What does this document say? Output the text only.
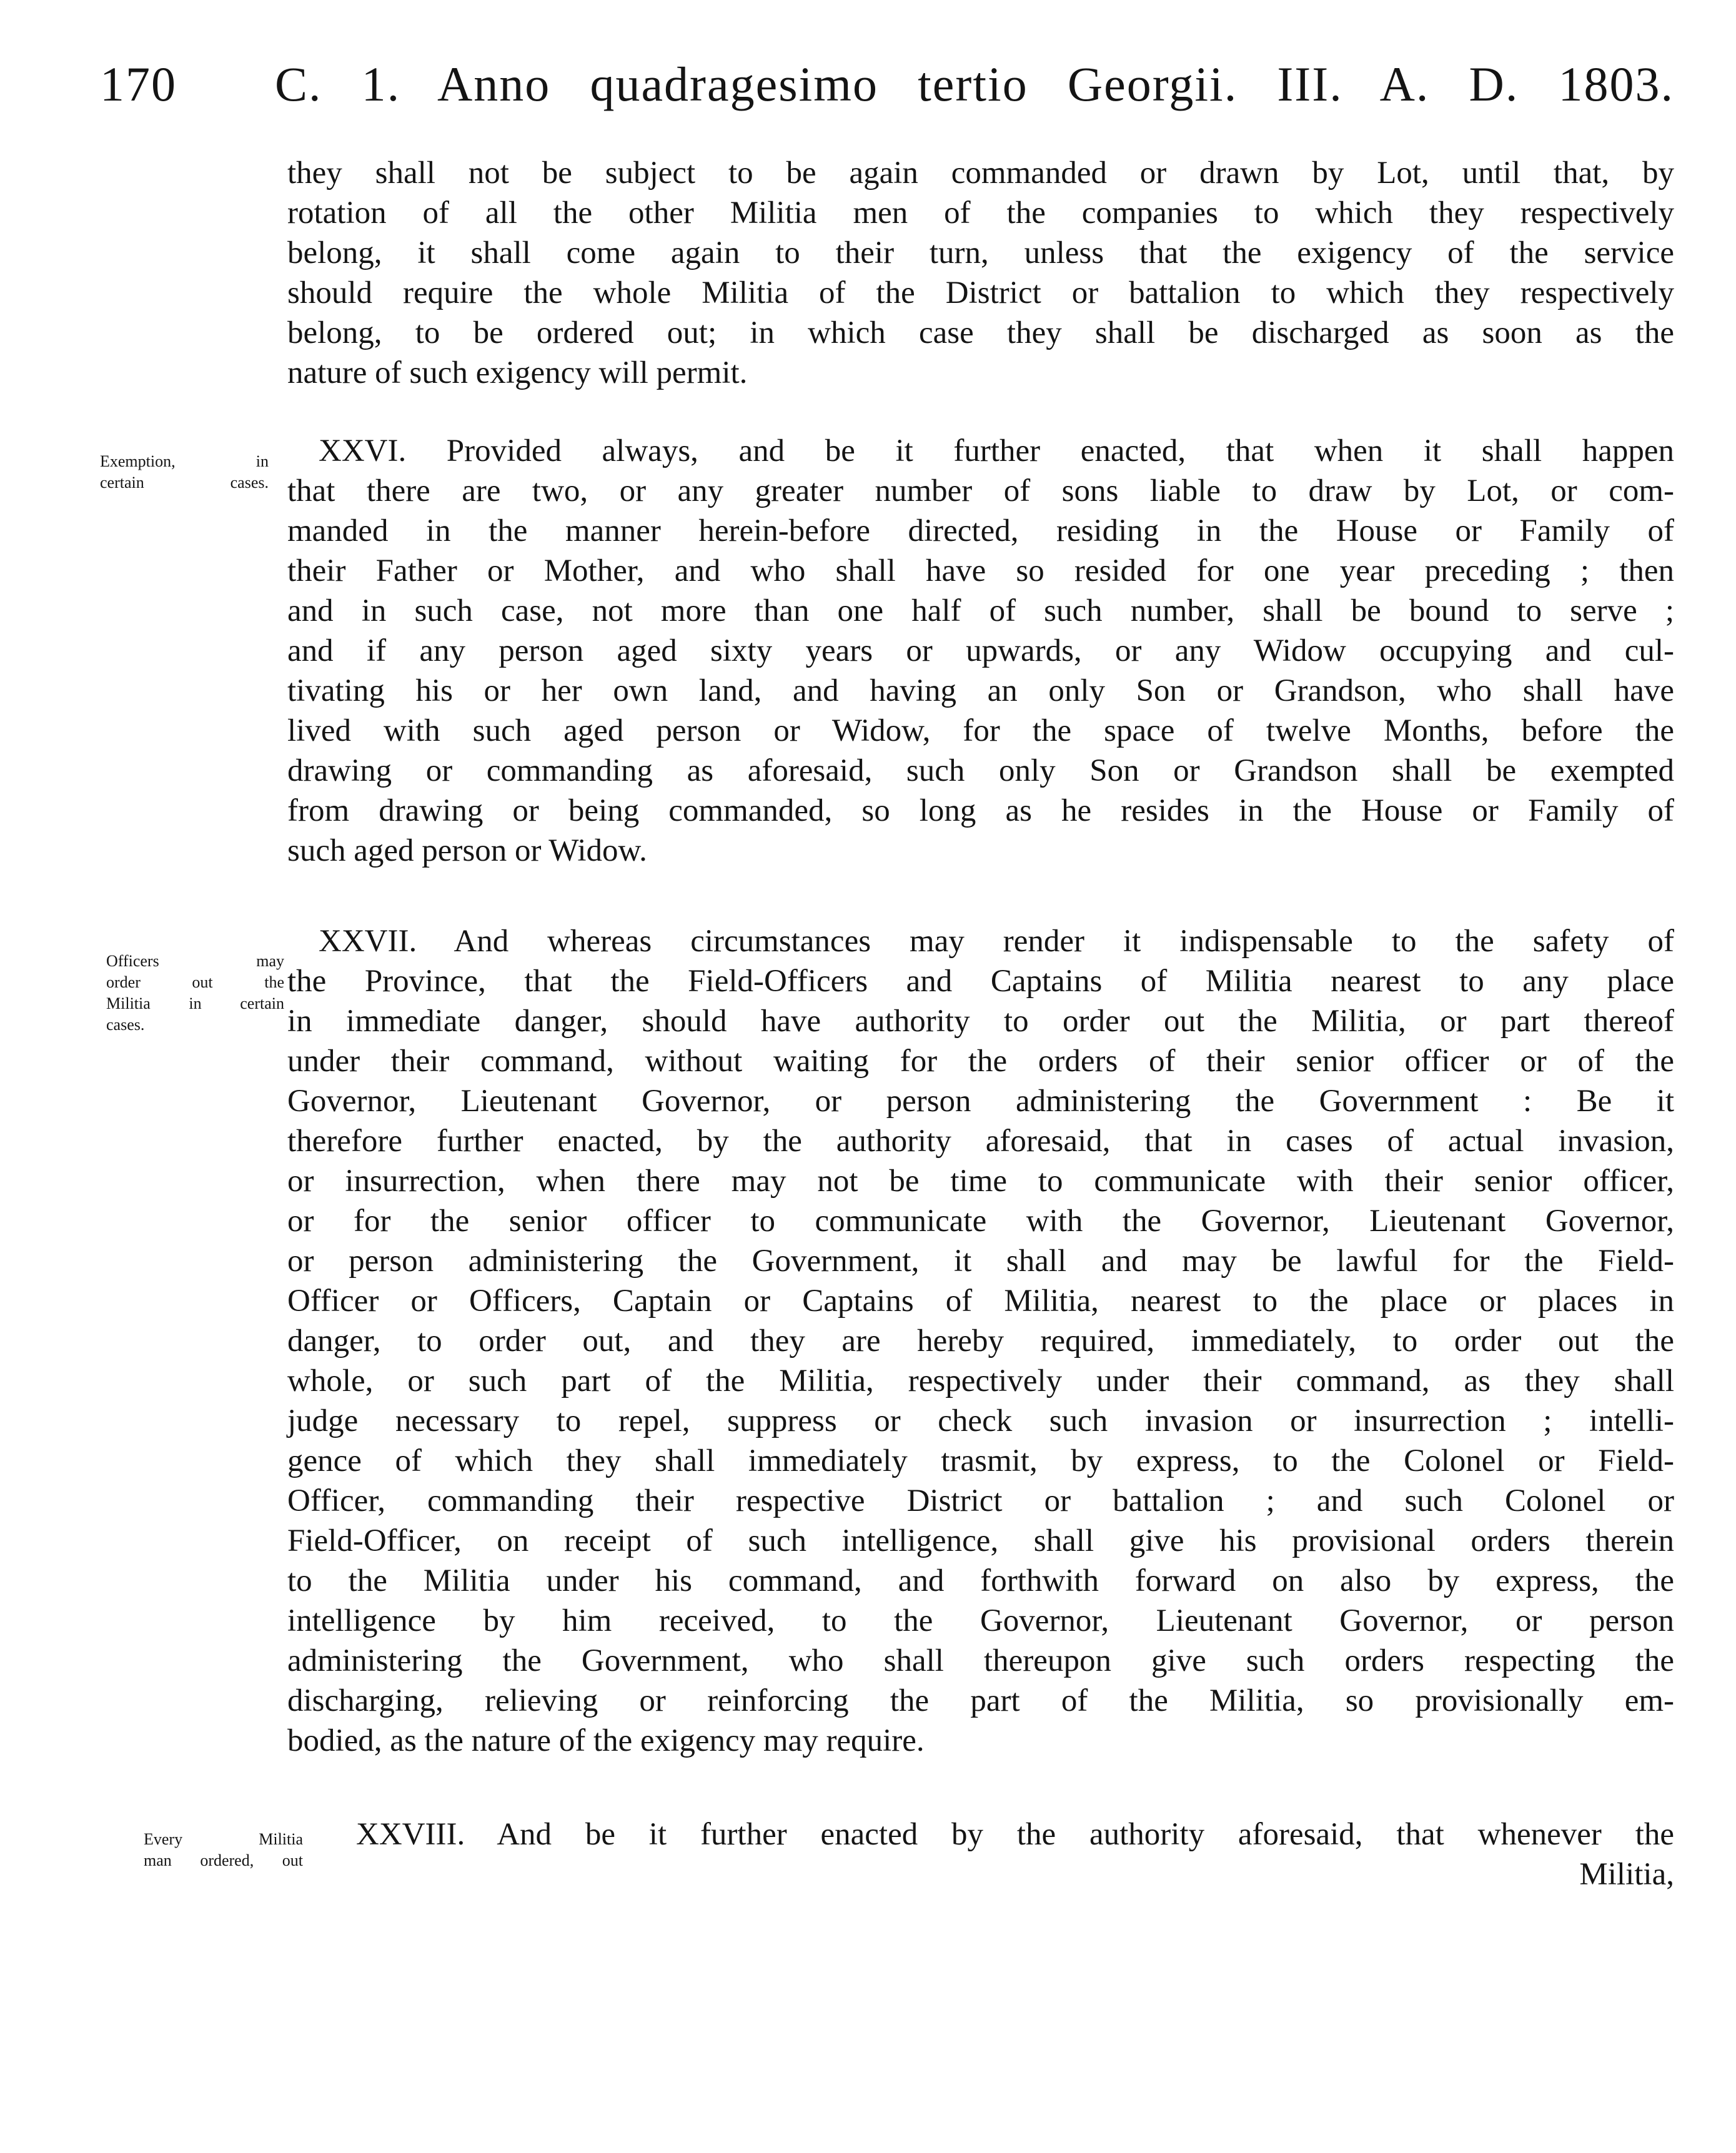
170 C. 1. Anno quadragesimo tertio Georgii. III. A. D. 1803.
they shall not be subject to be again commanded or drawn by Lot, until that, by
rotation of all the other Militia men of the companies to which they respectively
belong, it shall come again to their turn, unless that the exigency of the service
should require the whole Militia of the District or battalion to which they respectively
belong, to be ordered out; in which case they shall be discharged as soon as the
nature of such exigency will permit.
Exemption, in
certain cases.
XXVI. Provided always, and be it further enacted, that when it shall happen
that there are two, or any greater number of sons liable to draw by Lot, or com-
manded in the manner herein-before directed, residing in the House or Family of
their Father or Mother, and who shall have so resided for one year preceding ; then
and in such case, not more than one half of such number, shall be bound to serve ;
and if any person aged sixty years or upwards, or any Widow occupying and cul-
tivating his or her own land, and having an only Son or Grandson, who shall have
lived with such aged person or Widow, for the space of twelve Months, before the
drawing or commanding as aforesaid, such only Son or Grandson shall be exempted
from drawing or being commanded, so long as he resides in the House or Family of
such aged person or Widow.
Officers may
order out the
Militia in certain
cases.
XXVII. And whereas circumstances may render it indispensable to the safety of
the Province, that the Field-Officers and Captains of Militia nearest to any place
in immediate danger, should have authority to order out the Militia, or part thereof
under their command, without waiting for the orders of their senior officer or of the
Governor, Lieutenant Governor, or person administering the Government : Be it
therefore further enacted, by the authority aforesaid, that in cases of actual invasion,
or insurrection, when there may not be time to communicate with their senior officer,
or for the senior officer to communicate with the Governor, Lieutenant Governor,
or person administering the Government, it shall and may be lawful for the Field-
Officer or Officers, Captain or Captains of Militia, nearest to the place or places in
danger, to order out, and they are hereby required, immediately, to order out the
whole, or such part of the Militia, respectively under their command, as they shall
judge necessary to repel, suppress or check such invasion or insurrection ; intelli-
gence of which they shall immediately trasmit, by express, to the Colonel or Field-
Officer, commanding their respective District or battalion ; and such Colonel or
Field-Officer, on receipt of such intelligence, shall give his provisional orders therein
to the Militia under his command, and forthwith forward on also by express, the
intelligence by him received, to the Governor, Lieutenant Governor, or person
administering the Government, who shall thereupon give such orders respecting the
discharging, relieving or reinforcing the part of the Militia, so provisionally em-
bodied, as the nature of the exigency may require.
Every Militia
man ordered, out
XXVIII. And be it further enacted by the authority aforesaid, that whenever the
Militia,
